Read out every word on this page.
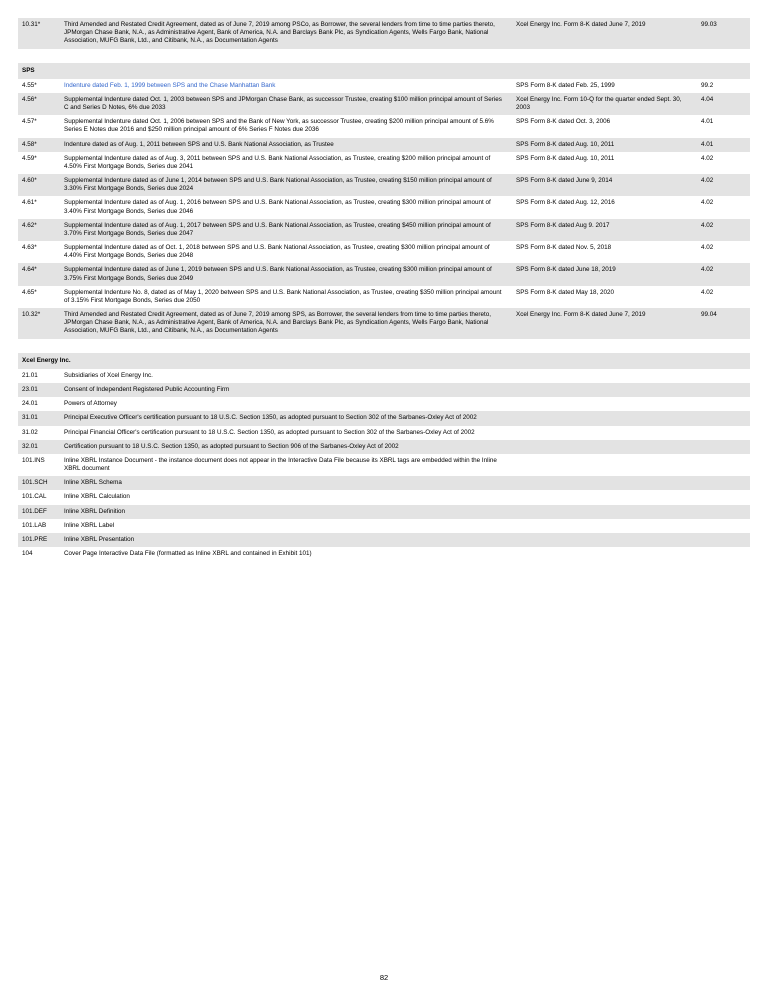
10.31*	Third Amended and Restated Credit Agreement, dated as of June 7, 2019 among PSCo, as Borrower, the several lenders from time to time parties thereto, JPMorgan Chase Bank, N.A., as Administrative Agent, Bank of America, N.A. and Barclays Bank Plc, as Syndication Agents, Wells Fargo Bank, National Association, MUFG Bank, Ltd., and Citibank, N.A., as Documentation Agents	Xcel Energy Inc. Form 8-K dated June 7, 2019	99.03
SPS			
4.55*	Indenture dated Feb. 1, 1999 between SPS and the Chase Manhattan Bank	SPS Form 8-K dated Feb. 25, 1999	99.2
4.56*	Supplemental Indenture dated Oct. 1, 2003 between SPS and JPMorgan Chase Bank, as successor Trustee, creating $100 million principal amount of Series C and Series D Notes, 6% due 2033	Xcel Energy Inc. Form 10-Q for the quarter ended Sept. 30, 2003	4.04
4.57*	Supplemental Indenture dated Oct. 1, 2006 between SPS and the Bank of New York, as successor Trustee, creating $200 million principal amount of 5.6% Series E Notes due 2016 and $250 million principal amount of 6% Series F Notes due 2036	SPS Form 8-K dated Oct. 3, 2006	4.01
4.58*	Indenture dated as of Aug. 1, 2011 between SPS and U.S. Bank National Association, as Trustee	SPS Form 8-K dated Aug. 10, 2011	4.01
4.59*	Supplemental Indenture dated as of Aug. 3, 2011 between SPS and U.S. Bank National Association, as Trustee, creating $200 million principal amount of 4.50% First Mortgage Bonds, Series due 2041	SPS Form 8-K dated Aug. 10, 2011	4.02
4.60*	Supplemental Indenture dated as of June 1, 2014 between SPS and U.S. Bank National Association, as Trustee, creating $150 million principal amount of 3.30% First Mortgage Bonds, Series due 2024	SPS Form 8-K dated June 9, 2014	4.02
4.61*	Supplemental Indenture dated as of Aug. 1, 2016 between SPS and U.S. Bank National Association, as Trustee, creating $300 million principal amount of 3.40% First Mortgage Bonds, Series due 2046	SPS Form 8-K dated Aug. 12, 2016	4.02
4.62*	Supplemental Indenture dated as of Aug. 1, 2017 between SPS and U.S. Bank National Association, as Trustee, creating $450 million principal amount of 3.70% First Mortgage Bonds, Series due 2047	SPS Form 8-K dated Aug 9. 2017	4.02
4.63*	Supplemental Indenture dated as of Oct. 1, 2018 between SPS and U.S. Bank National Association, as Trustee, creating $300 million principal amount of 4.40% First Mortgage Bonds, Series due 2048	SPS Form 8-K dated Nov. 5, 2018	4.02
4.64*	Supplemental Indenture dated as of June 1, 2019 between SPS and U.S. Bank National Association, as Trustee, creating $300 million principal amount of 3.75% First Mortgage Bonds, Series due 2049	SPS Form 8-K dated June 18, 2019	4.02
4.65*	Supplemental Indenture No. 8, dated as of May 1, 2020 between SPS and U.S. Bank National Association, as Trustee, creating $350 million principal amount of 3.15% First Mortgage Bonds, Series due 2050	SPS Form 8-K dated May 18, 2020	4.02
10.32*	Third Amended and Restated Credit Agreement, dated as of June 7, 2019 among SPS, as Borrower, the several lenders from time to time parties thereto, JPMorgan Chase Bank, N.A., as Administrative Agent, Bank of America, N.A. and Barclays Bank Plc, as Syndication Agents, Wells Fargo Bank, National Association, MUFG Bank, Ltd., and Citibank, N.A., as Documentation Agents	Xcel Energy Inc. Form 8-K dated June 7, 2019	99.04
Xcel Energy Inc.			
21.01	Subsidiaries of Xcel Energy Inc.		
23.01	Consent of Independent Registered Public Accounting Firm		
24.01	Powers of Attorney		
31.01	Principal Executive Officer's certification pursuant to 18 U.S.C. Section 1350, as adopted pursuant to Section 302 of the Sarbanes-Oxley Act of 2002		
31.02	Principal Financial Officer's certification pursuant to 18 U.S.C. Section 1350, as adopted pursuant to Section 302 of the Sarbanes-Oxley Act of 2002		
32.01	Certification pursuant to 18 U.S.C. Section 1350, as adopted pursuant to Section 906 of the Sarbanes-Oxley Act of 2002		
101.INS	Inline XBRL Instance Document - the instance document does not appear in the Interactive Data File because its XBRL tags are embedded within the Inline XBRL document		
101.SCH	Inline XBRL Schema		
101.CAL	Inline XBRL Calculation		
101.DEF	Inline XBRL Definition		
101.LAB	Inline XBRL Label		
101.PRE	Inline XBRL Presentation		
104	Cover Page Interactive Data File (formatted as Inline XBRL and contained in Exhibit 101)		
82
